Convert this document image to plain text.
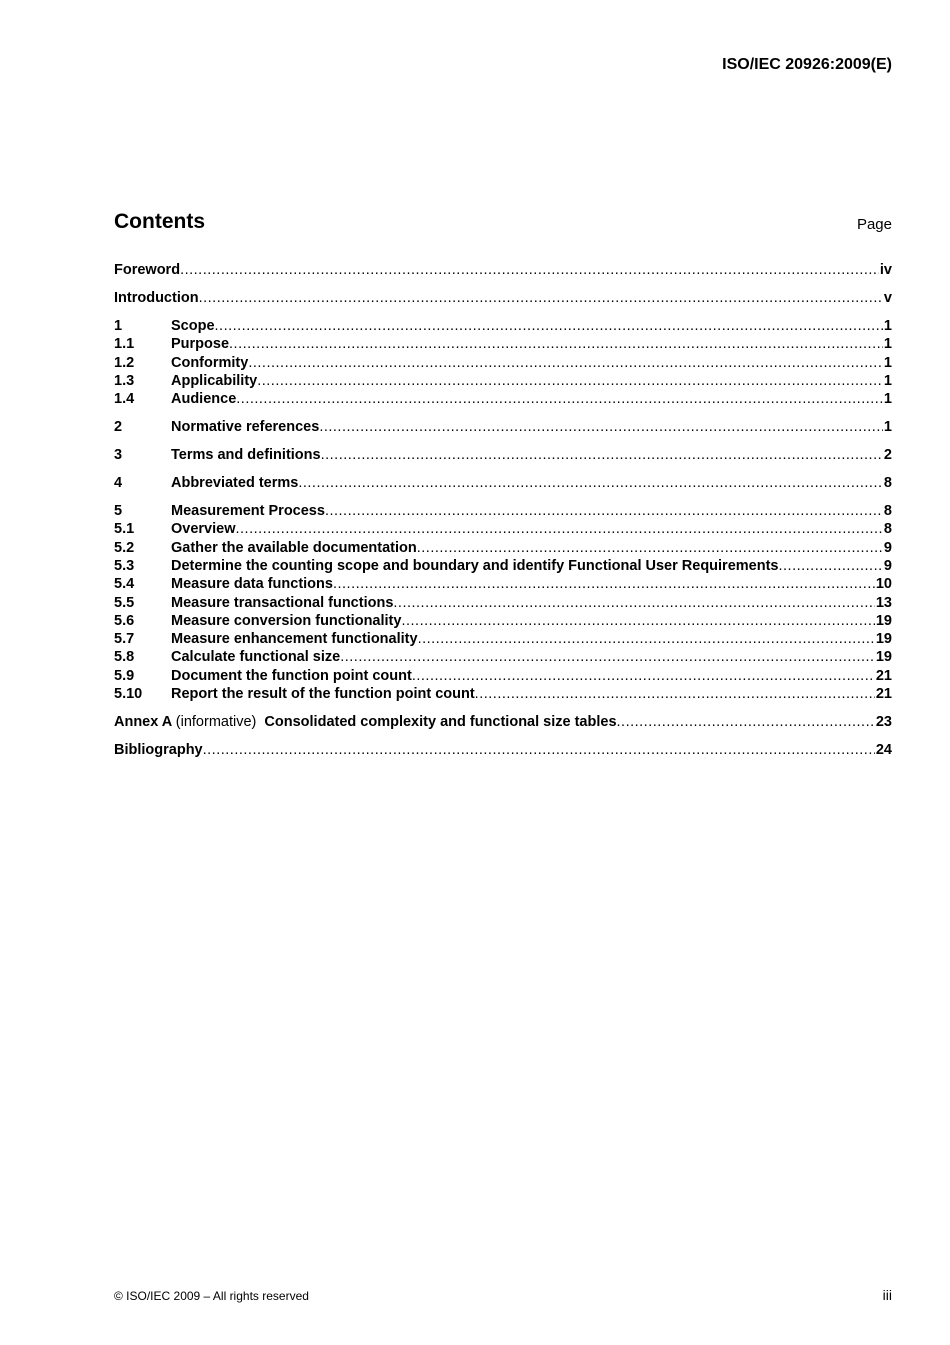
ISO/IEC 20926:2009(E)
Contents	Page
Foreword .....	iv
Introduction .....	v
1	Scope .....	1
1.1	Purpose .....	1
1.2	Conformity .....	1
1.3	Applicability .....	1
1.4	Audience .....	1
2	Normative references .....	1
3	Terms and definitions .....	2
4	Abbreviated terms .....	8
5	Measurement Process .....	8
5.1	Overview .....	8
5.2	Gather the available documentation .....	9
5.3	Determine the counting scope and boundary and identify Functional User Requirements .....	9
5.4	Measure data functions .....	10
5.5	Measure transactional functions .....	13
5.6	Measure conversion functionality .....	19
5.7	Measure enhancement functionality .....	19
5.8	Calculate functional size .....	19
5.9	Document the function point count .....	21
5.10	Report the result of the function point count .....	21
Annex A (informative) Consolidated complexity and functional size tables .....	23
Bibliography .....	24
© ISO/IEC 2009 – All rights reserved	iii
